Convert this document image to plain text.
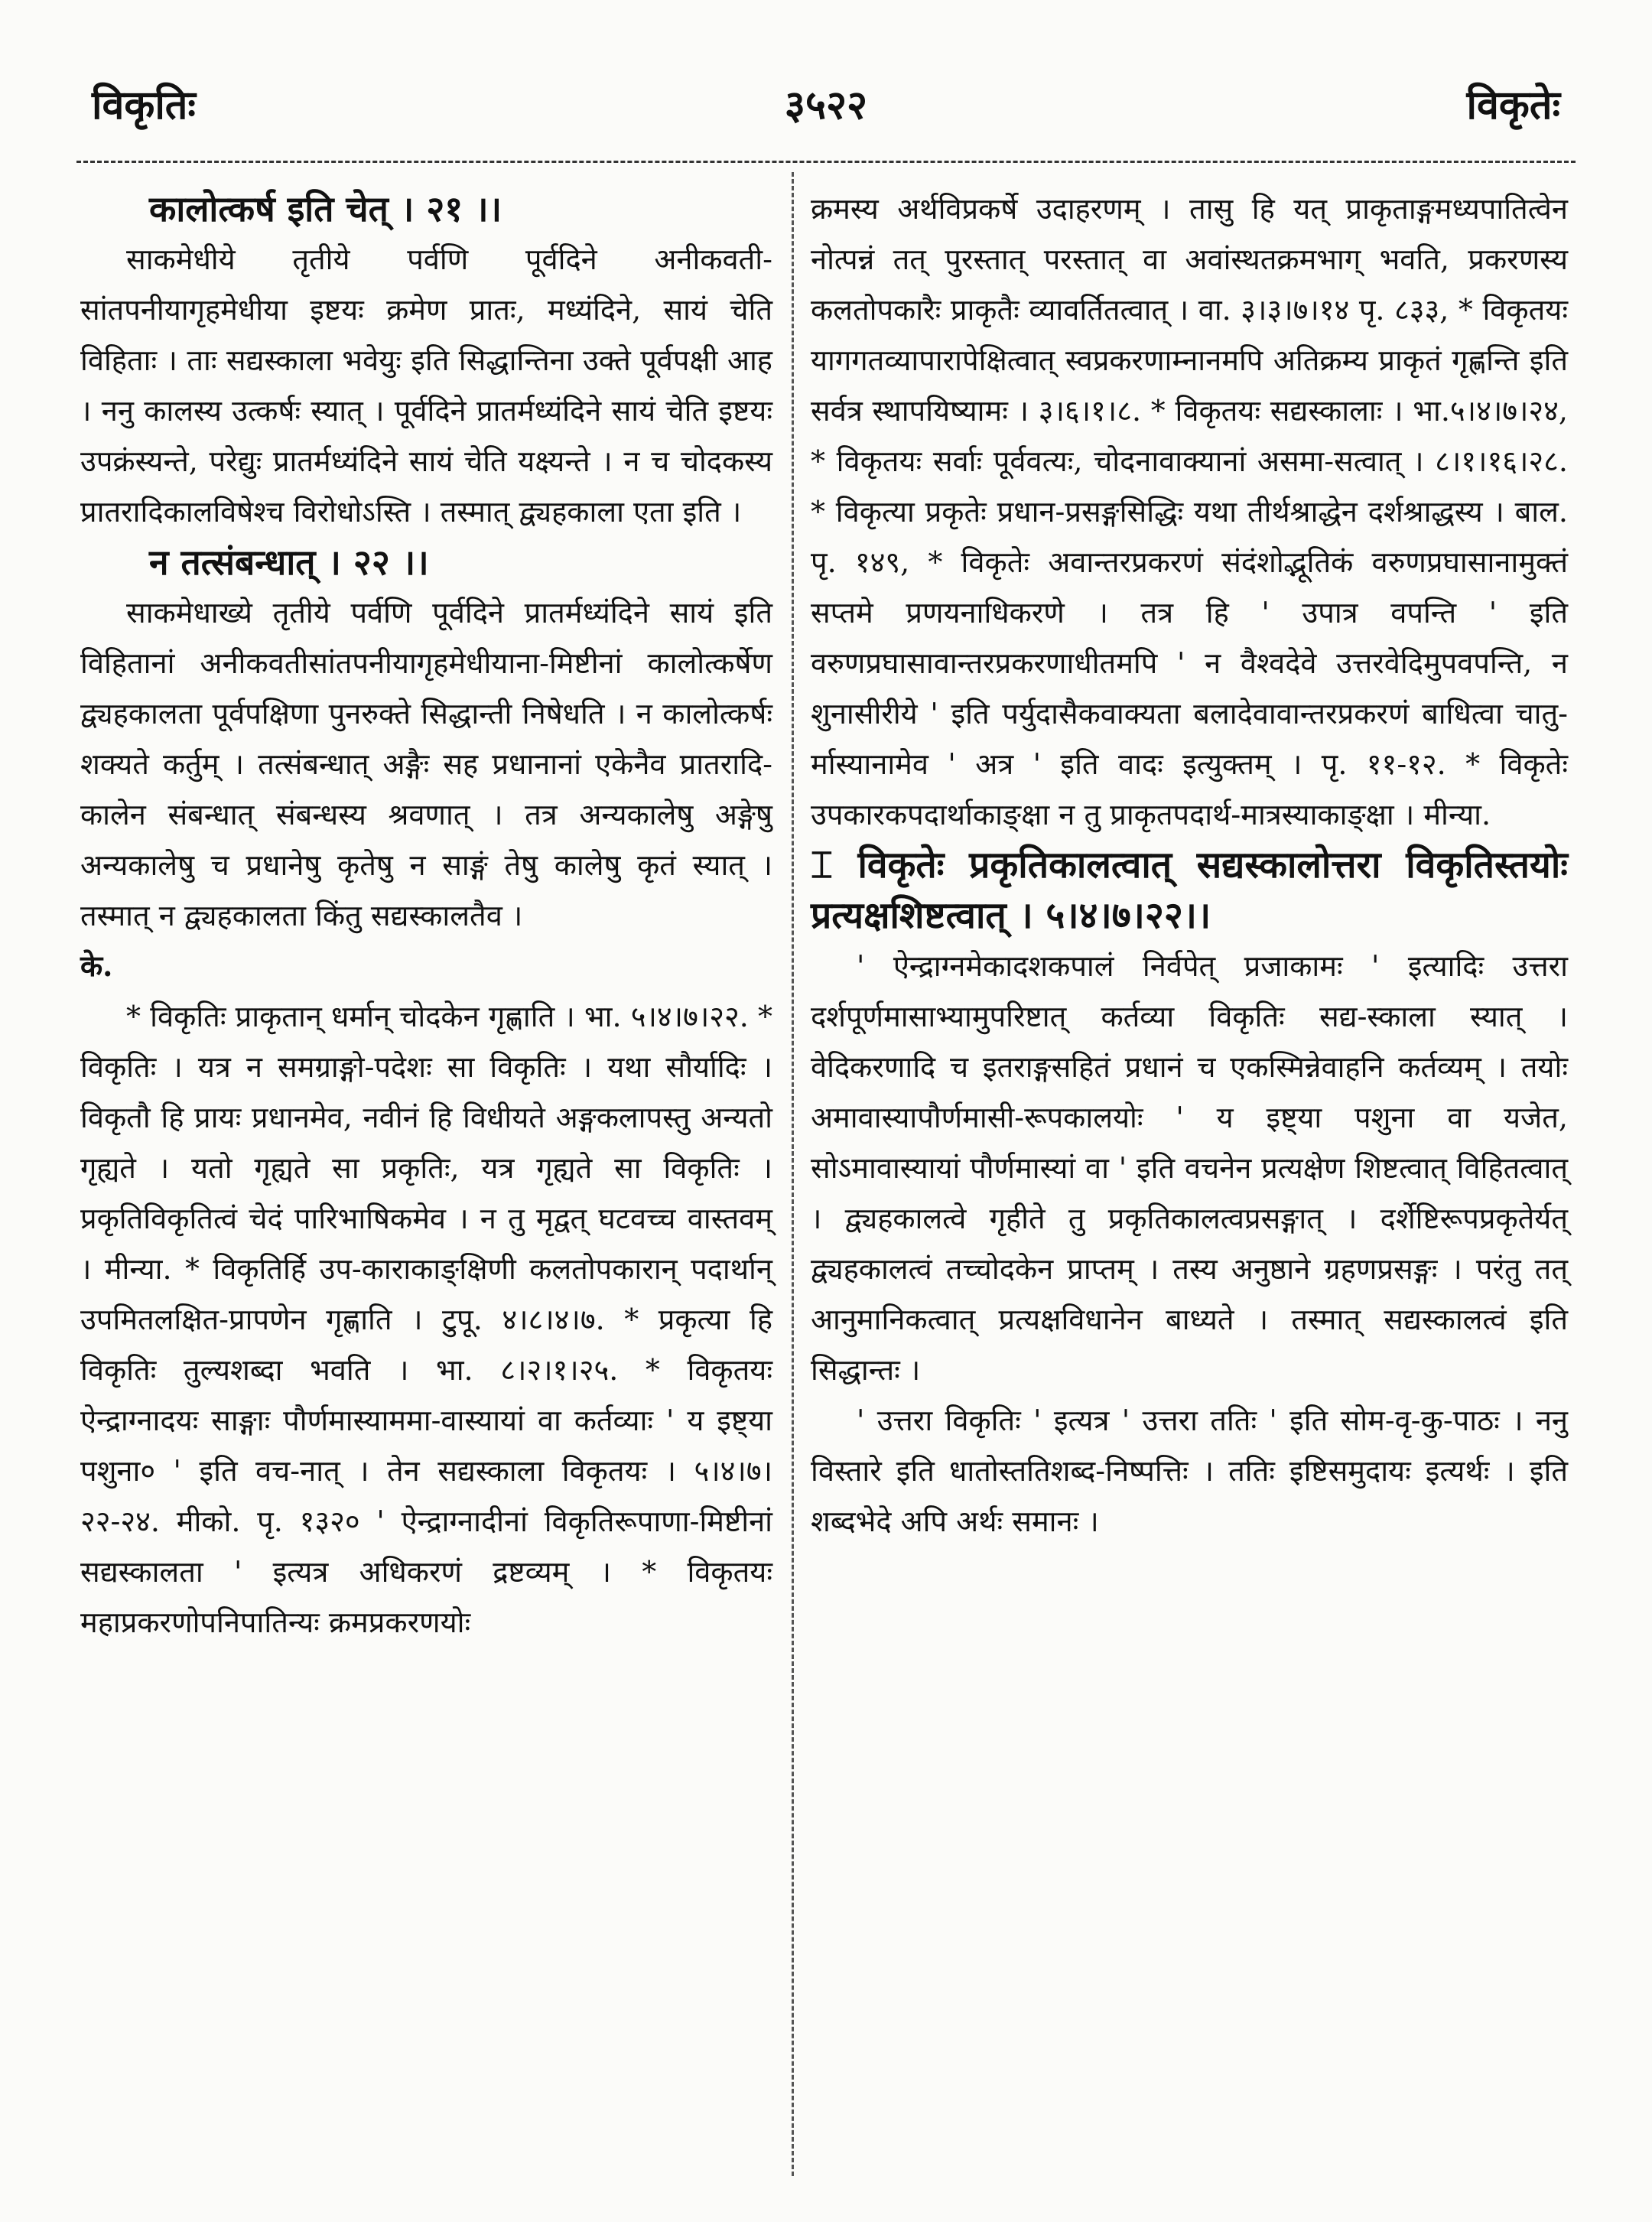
विकृतिः	३५२२	विकृतेः

कालोत्कर्ष इति चेत् । २१ ।।

साकमेधीये तृतीये पर्वणि पूर्वदिने अनीकवती-सांतपनीयागृहमेधीया इष्टयः क्रमेण प्रातः, मध्यंदिने, सायं चेति विहिताः । ताः सद्यस्काला भवेयुः इति सिद्धान्तिना उक्ते पूर्वपक्षी आह । ननु कालस्य उत्कर्षः स्यात् । पूर्वदिने प्रातर्मध्यंदिने सायं चेति इष्टयः उपक्रंस्यन्ते, परेद्युः प्रातर्मध्यंदिने सायं चेति यक्ष्यन्ते । न च चोदकस्य प्रातरादिकालविषेश्च विरोधोऽस्ति । तस्मात् द्व्यहकाला एता इति ।

न तत्संबन्धात् । २२ ।।

साकमेधाख्ये तृतीये पर्वणि पूर्वदिने प्रातर्मध्यंदिने सायं इति विहितानां अनीकवतीसांतपनीयागृहमेधीयाना-मिष्टीनां कालोत्कर्षेण द्व्यहकालता पूर्वपक्षिणा पुनरुक्ते सिद्धान्ती निषेधति । न कालोत्कर्षः शक्यते कर्तुम् । तत्संबन्धात् अङ्गैः सह प्रधानानां एकेनैव प्रातरादि-कालेन संबन्धात् संबन्धस्य श्रवणात् । तत्र अन्यकालेषु अङ्गेषु अन्यकालेषु च प्रधानेषु कृतेषु न साङ्गं तेषु कालेषु कृतं स्यात् । तस्मात् न द्व्यहकालता किंतु सद्यस्कालतैव ।

के.

* विकृतिः प्राकृतान् धर्मान् चोदकेन गृह्णाति । भा. ५।४।७।२२. * विकृतिः । यत्र न समग्राङ्गो-पदेशः सा विकृतिः । यथा सौर्यादिः । विकृतौ हि प्रायः प्रधानमेव, नवीनं हि विधीयते अङ्गकलापस्तु अन्यतो गृह्यते । यतो गृह्यते सा प्रकृतिः, यत्र गृह्यते सा विकृतिः । प्रकृतिविकृतित्वं चेदं पारिभाषिकमेव । न तु मृद्वत् घटवच्च वास्तवम् । मीन्या. * विकृतिर्हि उप-काराकाङ्क्षिणी कलतोपकारान् पदार्थान् उपमितलक्षित-प्रापणेन गृह्णाति । टुपू. ४।८।४।७. * प्रकृत्या हि विकृतिः तुल्यशब्दा भवति । भा. ८।२।१।२५. * विकृतयः ऐन्द्राग्नादयः साङ्गाः पौर्णमास्याममा-वास्यायां वा कर्तव्याः ' य इष्ट्या पशुना० ' इति वच-नात् । तेन सद्यस्काला विकृतयः । ५।४।७।२२-२४. मीको. पृ. १३२० ' ऐन्द्राग्नादीनां विकृतिरूपाणा-मिष्टीनां सद्यस्कालता ' इत्यत्र अधिकरणं द्रष्टव्यम् । * विकृतयः महाप्रकरणोपनिपातिन्यः क्रमप्रकरणयोः

क्रमस्य अर्थविप्रकर्षे उदाहरणम् । तासु हि यत् प्राकृताङ्गमध्यपातित्वेन नोत्पन्नं तत् पुरस्तात् परस्तात् वा अवांस्थतक्रमभाग् भवति, प्रकरणस्य कलतोपकारैः प्राकृतैः व्यावर्तितत्वात् । वा. ३।३।७।१४ पृ. ८३३, * विकृतयः यागगतव्यापारापेक्षित्वात् स्वप्रकरणाम्नानमपि अतिक्रम्य प्राकृतं गृह्णन्ति इति सर्वत्र स्थापयिष्यामः । ३।६।१।८. * विकृतयः सद्यस्कालाः । भा.५।४।७।२४, * विकृतयः सर्वाः पूर्ववत्यः, चोदनावाक्यानां असमा-सत्वात् । ८।१।१६।२८. * विकृत्या प्रकृतेः प्रधान-प्रसङ्गसिद्धिः यथा तीर्थश्राद्धेन दर्शश्राद्धस्य । बाल. पृ. १४९, * विकृतेः अवान्तरप्रकरणं संदंशोद्भूतिकं वरुणप्रघासानामुक्तं सप्तमे प्रणयनाधिकरणे । तत्र हि ' उपात्र वपन्ति ' इति वरुणप्रघासावान्तरप्रकरणाधीतमपि ' न वैश्वदेवे उत्तरवेदिमुपवपन्ति, न शुनासीरीये ' इति पर्युदासैकवाक्यता बलादेवावान्तरप्रकरणं बाधित्वा चातु-र्मास्यानामेव ' अत्र ' इति वादः इत्युक्तम् । पृ. ११-१२. * विकृतेः उपकारकपदार्थाकाङ्क्षा न तु प्राकृतपदार्थ-मात्रस्याकाङ्क्षा । मीन्या.

⌶ विकृतेः प्रकृतिकालत्वात् सद्यस्कालोत्तरा विकृतिस्तयोः प्रत्यक्षशिष्टत्वात् । ५।४।७।२२।।

' ऐन्द्राग्नमेकादशकपालं निर्वपेत् प्रजाकामः ' इत्यादिः उत्तरा दर्शपूर्णमासाभ्यामुपरिष्टात् कर्तव्या विकृतिः सद्य-स्काला स्यात् । वेदिकरणादि च इतराङ्गसहितं प्रधानं च एकस्मिन्नेवाहनि कर्तव्यम् । तयोः अमावास्यापौर्णमासी-रूपकालयोः ' य इष्ट्या पशुना वा यजेत, सोऽमावास्यायां पौर्णमास्यां वा ' इति वचनेन प्रत्यक्षेण शिष्टत्वात् विहितत्वात् । द्व्यहकालत्वे गृहीते तु प्रकृतिकालत्वप्रसङ्गात् । दर्शेष्टिरूपप्रकृतेर्यत् द्व्यहकालत्वं तच्चोदकेन प्राप्तम् । तस्य अनुष्ठाने ग्रहणप्रसङ्गः । परंतु तत् आनुमानिकत्वात् प्रत्यक्षविधानेन बाध्यते । तस्मात् सद्यस्कालत्वं इति सिद्धान्तः ।

' उत्तरा विकृतिः ' इत्यत्र ' उत्तरा ततिः ' इति सोम-वृ-कु-पाठः । ननु विस्तारे इति धातोस्ततिशब्द-निष्पत्तिः । ततिः इष्टिसमुदायः इत्यर्थः । इति शब्दभेदे अपि अर्थः समानः ।
